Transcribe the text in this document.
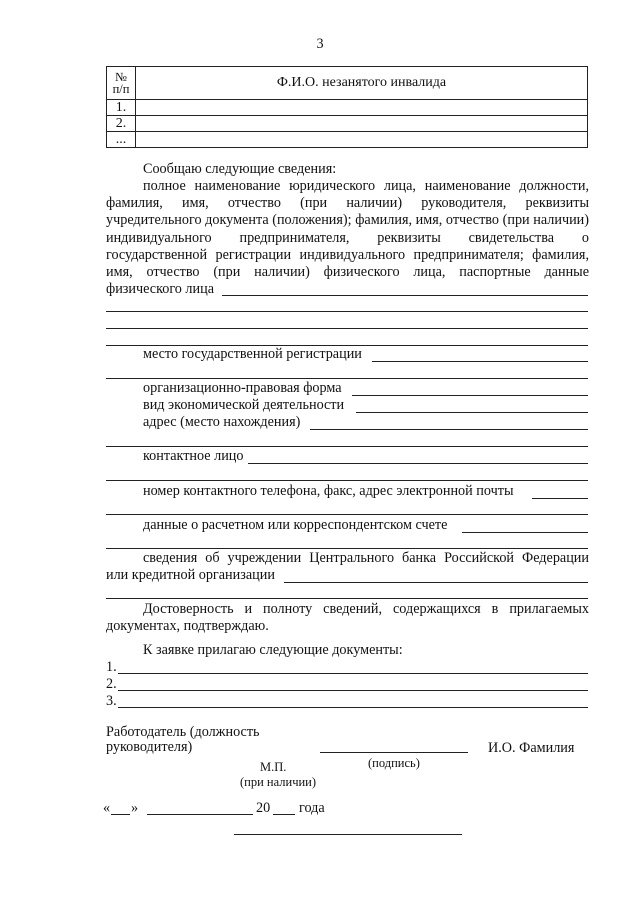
3
№
п/п	Ф.И.О. незанятого инвалида
1.	
2.	
...	
Сообщаю следующие сведения:
полное наименование юридического лица, наименование должности, фамилия, имя, отчество (при наличии) руководителя, реквизиты учредительного документа (положения); фамилия, имя, отчество (при наличии) индивидуального предпринимателя, реквизиты свидетельства о государственной регистрации индивидуального предпринимателя; фамилия, имя, отчество (при наличии) физического лица, паспортные данные физического лица
место государственной регистрации
организационно-правовая форма
вид экономической деятельности
адрес (место нахождения)
контактное лицо
номер контактного телефона, факс, адрес электронной почты
данные о расчетном или корреспондентском счете
сведения об учреждении Центрального банка Российской Федерации
или кредитной организации
Достоверность и полноту сведений, содержащихся в прилагаемых документах, подтверждаю.
К заявке прилагаю следующие документы:
1.
2.
3.
Работодатель (должность
руководителя)	И.О. Фамилия
(подпись)
М.П.
(при наличии)
« »	20 года
